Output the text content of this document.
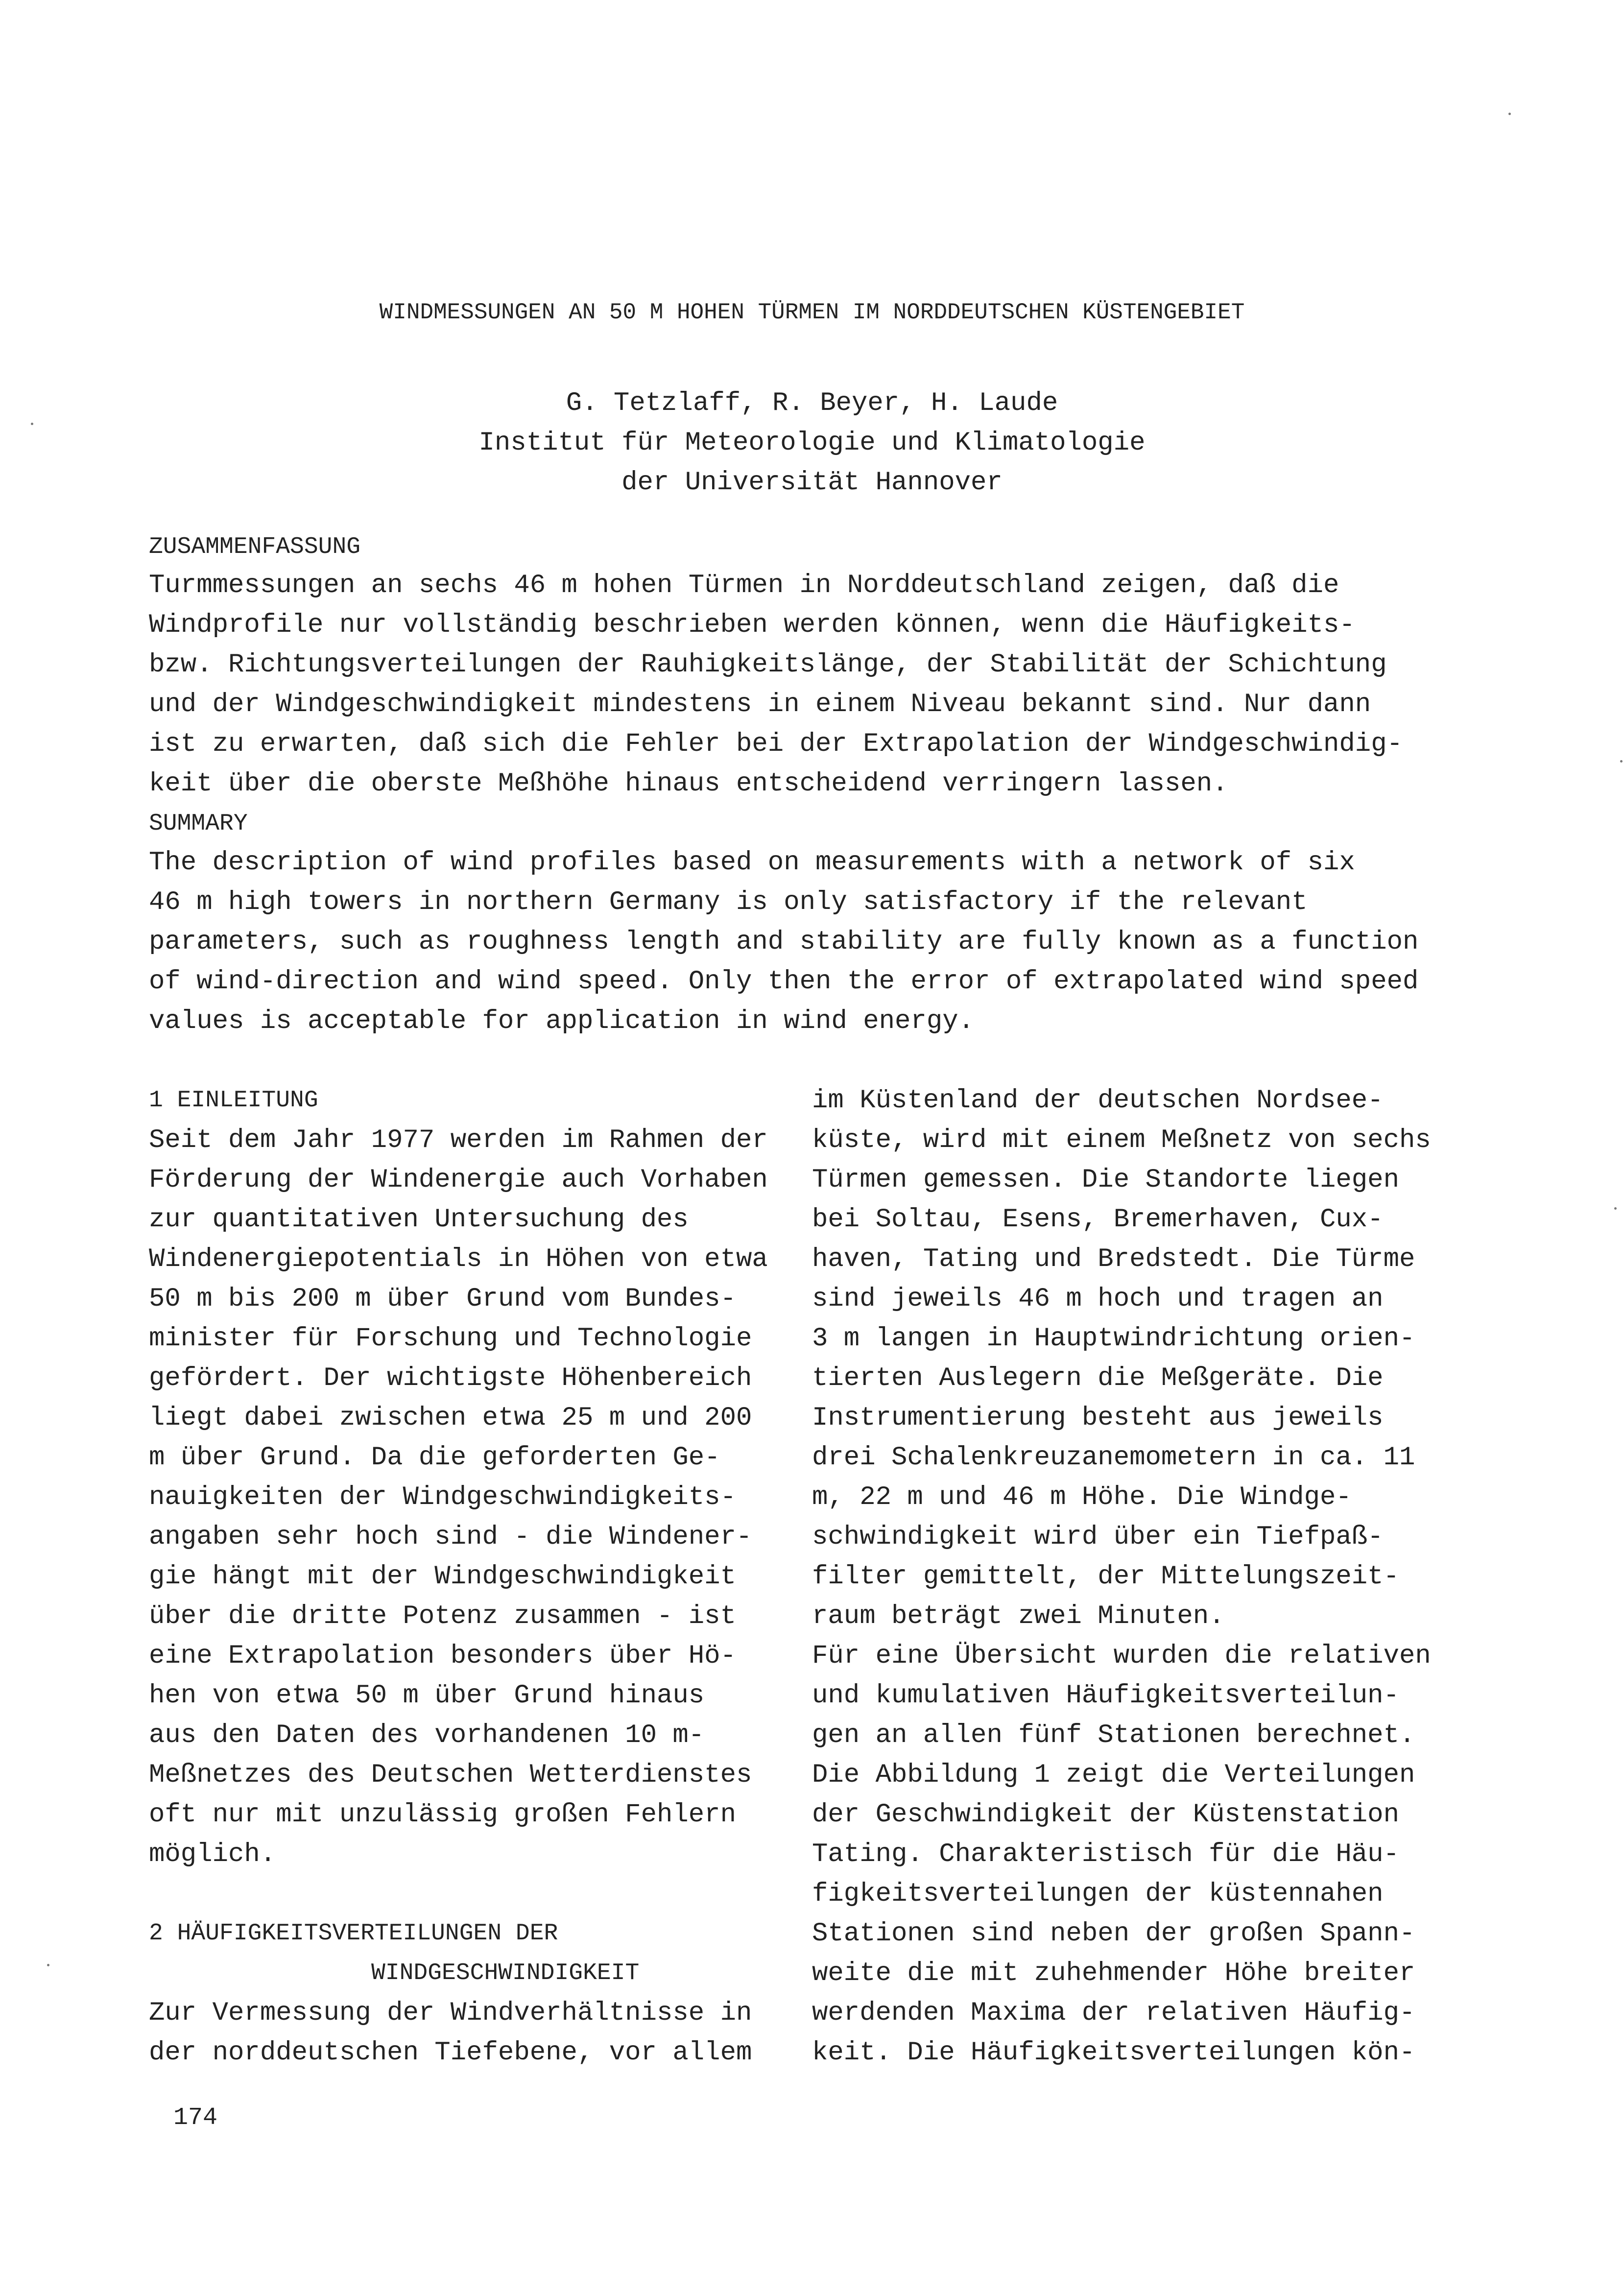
WINDMESSUNGEN AN 50 M HOHEN TÜRMEN IM NORDDEUTSCHEN KÜSTENGEBIET
G. Tetzlaff, R. Beyer, H. Laude
Institut für Meteorologie und Klimatologie
der Universität Hannover
ZUSAMMENFASSUNG
Turmmessungen an sechs 46 m hohen Türmen in Norddeutschland zeigen, daß die
Windprofile nur vollständig beschrieben werden können, wenn die Häufigkeits-
bzw. Richtungsverteilungen der Rauhigkeitslänge, der Stabilität der Schichtung
und der Windgeschwindigkeit mindestens in einem Niveau bekannt sind. Nur dann
ist zu erwarten, daß sich die Fehler bei der Extrapolation der Windgeschwindig-
keit über die oberste Meßhöhe hinaus entscheidend verringern lassen.
SUMMARY
The description of wind profiles based on measurements with a network of six
46 m high towers in northern Germany is only satisfactory if the relevant
parameters, such as roughness length and stability are fully known as a function
of wind-direction and wind speed. Only then the error of extrapolated wind speed
values is acceptable for application in wind energy.
1 EINLEITUNG
Seit dem Jahr 1977 werden im Rahmen der
Förderung der Windenergie auch Vorhaben
zur quantitativen Untersuchung des
Windenergiepotentials in Höhen von etwa
50 m bis 200 m über Grund vom Bundes-
minister für Forschung und Technologie
gefördert. Der wichtigste Höhenbereich
liegt dabei zwischen etwa 25 m und 200
m über Grund. Da die geforderten Ge-
nauigkeiten der Windgeschwindigkeits-
angaben sehr hoch sind - die Windener-
gie hängt mit der Windgeschwindigkeit
über die dritte Potenz zusammen - ist
eine Extrapolation besonders über Hö-
hen von etwa 50 m über Grund hinaus
aus den Daten des vorhandenen 10 m-
Meßnetzes des Deutschen Wetterdienstes
oft nur mit unzulässig großen Fehlern
möglich.
2 HÄUFIGKEITSVERTEILUNGEN DER
WINDGESCHWINDIGKEIT
Zur Vermessung der Windverhältnisse in
der norddeutschen Tiefebene, vor allem
im Küstenland der deutschen Nordsee-
küste, wird mit einem Meßnetz von sechs
Türmen gemessen. Die Standorte liegen
bei Soltau, Esens, Bremerhaven, Cux-
haven, Tating und Bredstedt. Die Türme
sind jeweils 46 m hoch und tragen an
3 m langen in Hauptwindrichtung orien-
tierten Auslegern die Meßgeräte. Die
Instrumentierung besteht aus jeweils
drei Schalenkreuzanemometern in ca. 11
m, 22 m und 46 m Höhe. Die Windge-
schwindigkeit wird über ein Tiefpaß-
filter gemittelt, der Mittelungszeit-
raum beträgt zwei Minuten.
Für eine Übersicht wurden die relativen
und kumulativen Häufigkeitsverteilun-
gen an allen fünf Stationen berechnet.
Die Abbildung 1 zeigt die Verteilungen
der Geschwindigkeit der Küstenstation
Tating. Charakteristisch für die Häu-
figkeitsverteilungen der küstennahen
Stationen sind neben der großen Spann-
weite die mit zuhehmender Höhe breiter
werdenden Maxima der relativen Häufig-
keit. Die Häufigkeitsverteilungen kön-
174
